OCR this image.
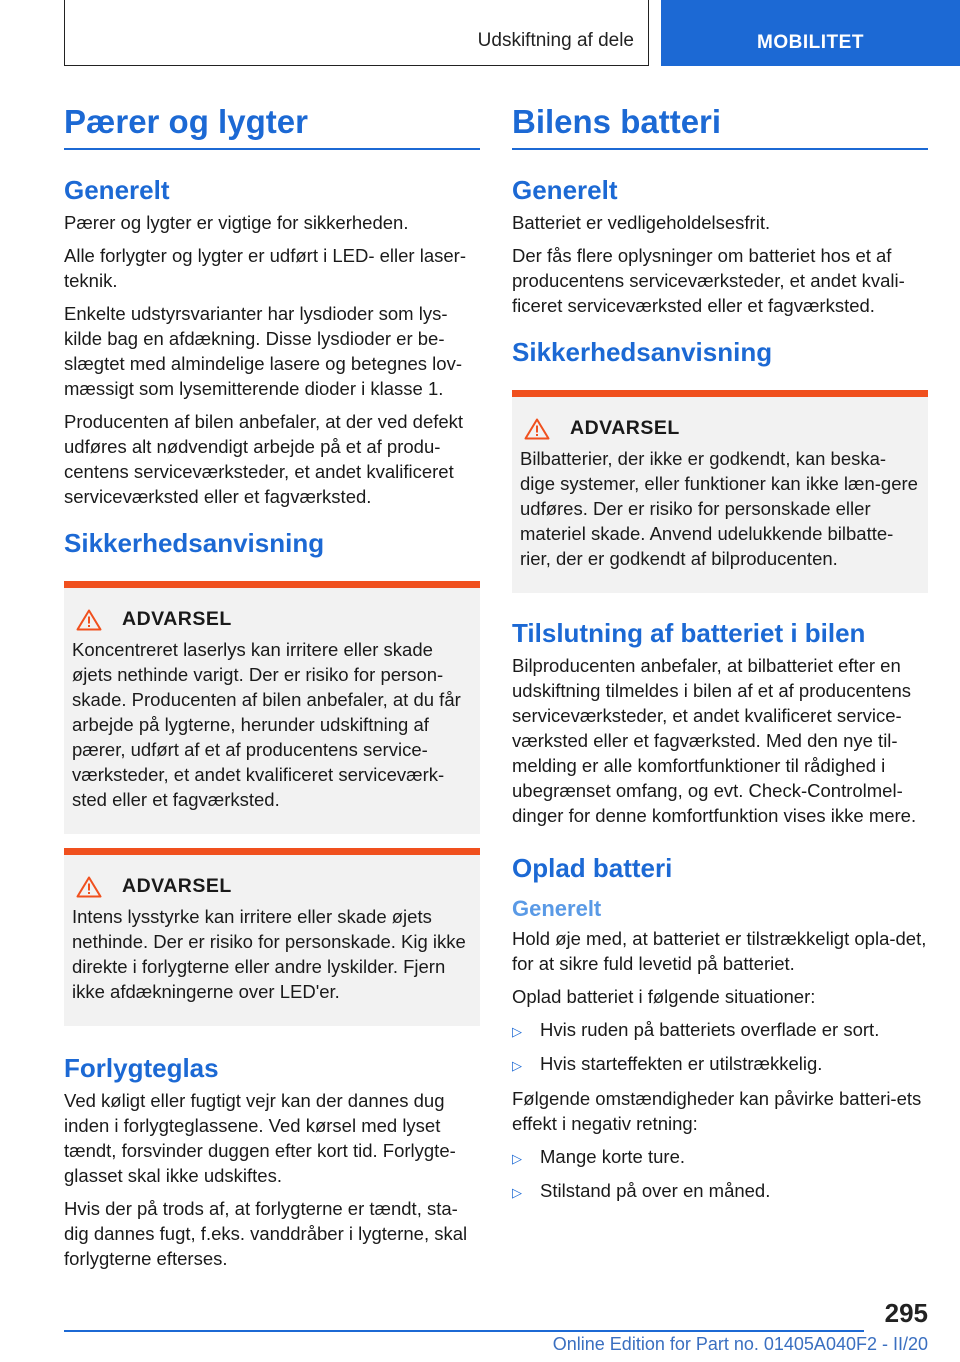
Udskiftning af dele	MOBILITET
Pærer og lygter
Generelt

Pærer og lygter er vigtige for sikkerheden.

Alle forlygter og lygter er udført i LED- eller laser-teknik.

Enkelte udstyrsvarianter har lysdioder som lys-kilde bag en afdækning. Disse lysdioder er be-slægtet med almindelige lasere og betegnes lov-mæssigt som lysemitterende dioder i klasse 1.

Producenten af bilen anbefaler, at der ved defekt udføres alt nødvendigt arbejde på et af produ-centens serviceværksteder, et andet kvalificeret serviceværksted eller et fagværksted.

Sikkerhedsanvisning
ADVARSEL

Koncentreret laserlys kan irritere eller skade øjets nethinde varigt. Der er risiko for person-skade. Producenten af bilen anbefaler, at du får arbejde på lygterne, herunder udskiftning af pærer, udført af et af producentens service-værksteder, et andet kvalificeret serviceværk-sted eller et fagværksted.

ADVARSEL

Intens lysstyrke kan irritere eller skade øjets nethinde. Der er risiko for personskade. Kig ikke direkte i forlygterne eller andre lyskilder. Fjern ikke afdækningerne over LED'er.

Forlygteglas

Ved køligt eller fugtigt vejr kan der dannes dug inden i forlygteglassene. Ved kørsel med lyset tændt, forsvinder duggen efter kort tid. Forlygte-glasset skal ikke udskiftes.

Hvis der på trods af, at forlygterne er tændt, sta-dig dannes fugt, f.eks. vanddråber i lygterne, skal forlygterne efterses.

Bilens batteri
Generelt

Batteriet er vedligeholdelsesfrit.

Der fås flere oplysninger om batteriet hos et af producentens serviceværksteder, et andet kvali-ficeret serviceværksted eller et fagværksted.

Sikkerhedsanvisning
ADVARSEL

Bilbatterier, der ikke er godkendt, kan beska-dige systemer, eller funktioner kan ikke læn-gere udføres. Der er risiko for personskade eller materiel skade. Anvend udelukkende bilbatte-rier, der er godkendt af bilproducenten.

Tilslutning af batteriet i bilen

Bilproducenten anbefaler, at bilbatteriet efter en udskiftning tilmeldes i bilen af et af producentens serviceværksteder, et andet kvalificeret service-værksted eller et fagværksted. Med den nye til-melding er alle komfortfunktioner til rådighed i ubegrænset omfang, og evt. Check-Controlmel-dinger for denne komfortfunktion vises ikke mere.

Oplad batteri
Generelt

Hold øje med, at batteriet er tilstrækkeligt opla-det, for at sikre fuld levetid på batteriet.

Oplad batteriet i følgende situationer:

▷ Hvis ruden på batteriets overflade er sort.
▷ Hvis starteffekten er utilstrækkelig.

Følgende omstændigheder kan påvirke batteri-ets effekt i negativ retning:

▷ Mange korte ture.
▷ Stilstand på over en måned.
295
Online Edition for Part no. 01405A040F2 - II/20
